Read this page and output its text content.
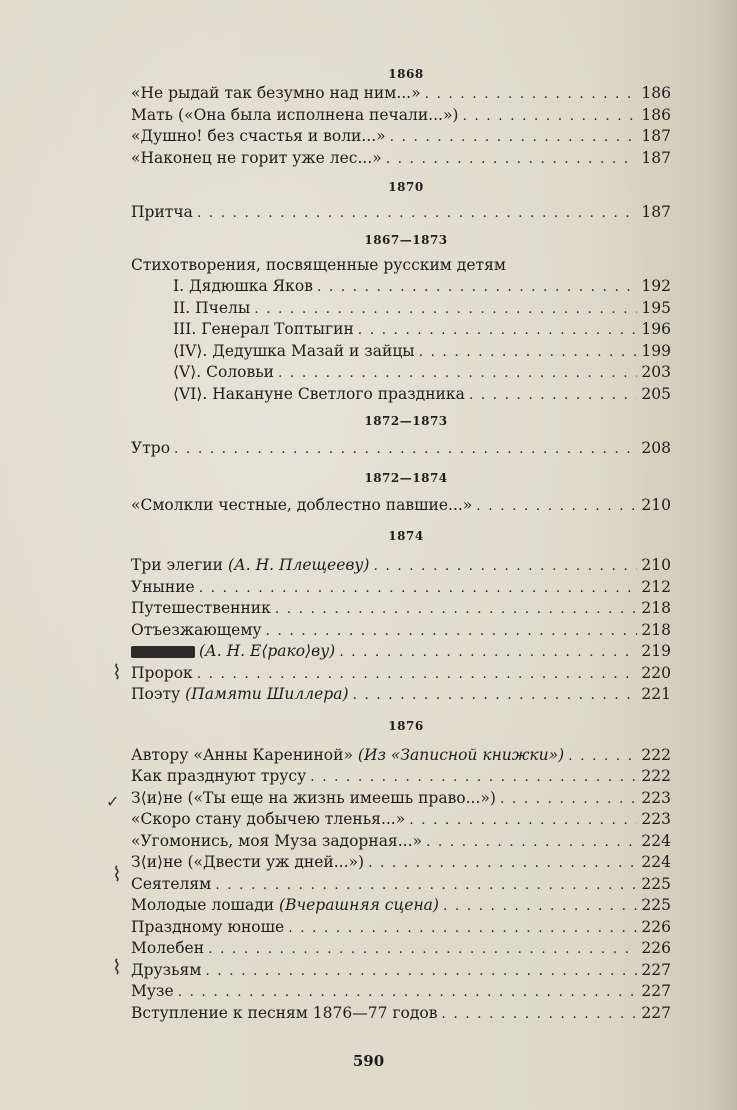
1868
«Не рыдай так безумно над ним...» . . .	186
Мать («Она была исполнена печали...») . . .	186
«Душно! без счастья и воли...» . . .	187
«Наконец не горит уже лес...» . . .	187
1870
Притча . . .	187
1867—1873
Стихотворения, посвященные русским детям
I. Дядюшка Яков . . .	192
II. Пчелы . . .	195
III. Генерал Топтыгин . . .	196
⟨IV⟩. Дедушка Мазай и зайцы . . .	199
⟨V⟩. Соловьи . . .	203
⟨VI⟩. Накануне Светлого праздника . . .	205
1872—1873
Утро . . .	208
1872—1874
«Смолкли честные, доблестно павшие...» . . .	210
1874
Три элегии (А. Н. Плещееву) . . .	210
Уныние . . .	212
Путешественник . . .	218
Отъезжающему . . .	218
(А. Н. Е⟨рако⟩ву) . . .	219
Пророк . . .	220
Поэту (Памяти Шиллера) . . .	221
1876
Автору «Анны Карениной» (Из «Записной книжки») . . .	222
Как празднуют трусу . . .	222
З⟨и⟩не («Ты еще на жизнь имеешь право...») . . .	223
«Скоро стану добычею тленья...» . . .	223
«Угомонись, моя Муза задорная...» . . .	224
З⟨и⟩не («Двести уж дней...») . . .	224
Сеятелям . . .	225
Молодые лошади (Вчерашняя сцена) . . .	225
Праздному юноше . . .	226
Молебен . . .	226
Друзьям . . .	227
Музе . . .	227
Вступление к песням 1876—77 годов . . .	227
⌇
⌇
⌇
✓
590
